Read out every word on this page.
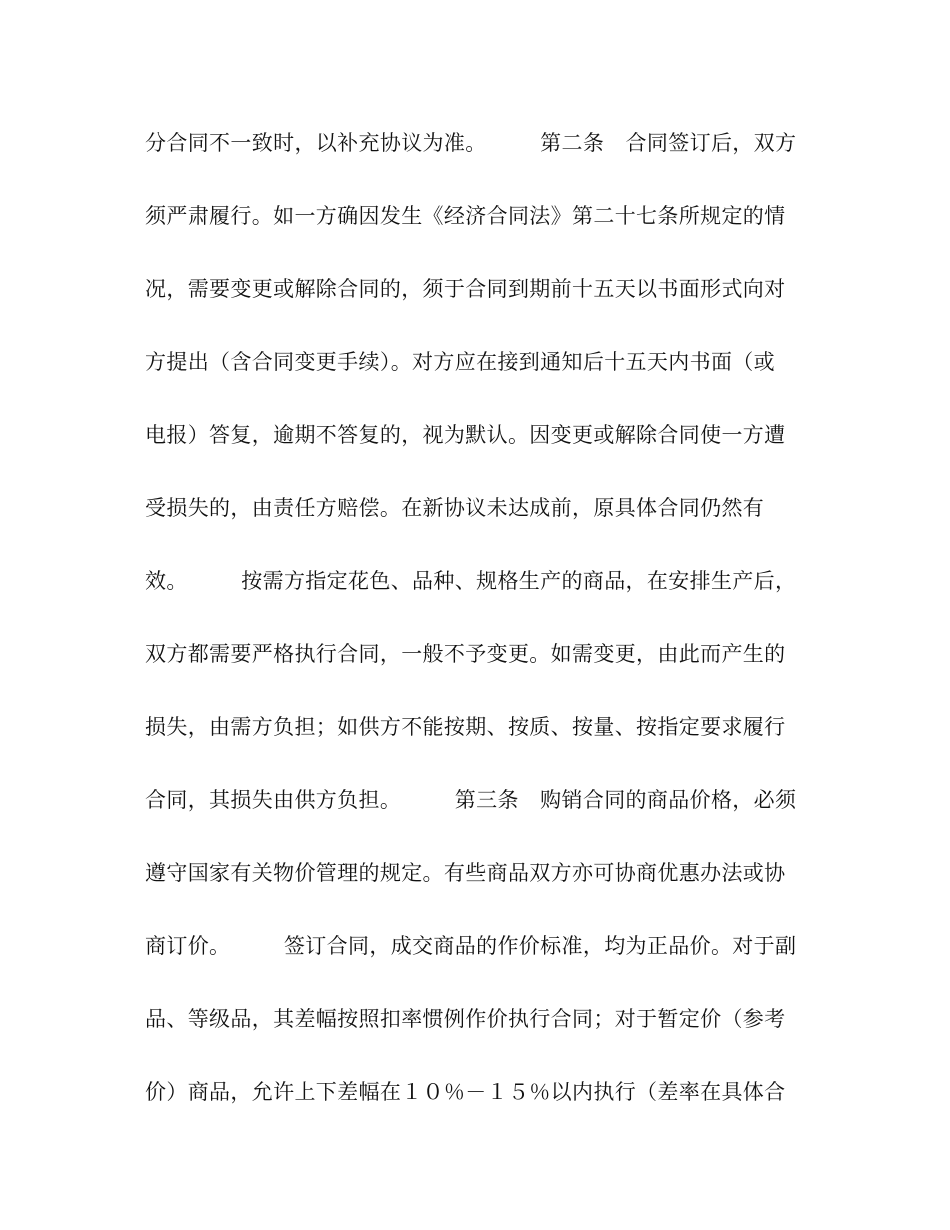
分合同不一致时，以补充协议为准。　　　第二条　合同签订后，双方
须严肃履行。如一方确因发生《经济合同法》第二十七条所规定的情
况，需要变更或解除合同的，须于合同到期前十五天以书面形式向对
方提出（含合同变更手续）。对方应在接到通知后十五天内书面（或
电报）答复，逾期不答复的，视为默认。因变更或解除合同使一方遭
受损失的，由责任方赔偿。在新协议未达成前，原具体合同仍然有
效。　　　按需方指定花色、品种、规格生产的商品，在安排生产后，
双方都需要严格执行合同，一般不予变更。如需变更，由此而产生的
损失，由需方负担；如供方不能按期、按质、按量、按指定要求履行
合同，其损失由供方负担。　　　第三条　购销合同的商品价格，必须
遵守国家有关物价管理的规定。有些商品双方亦可协商优惠办法或协
商订价。　　　签订合同，成交商品的作价标准，均为正品价。对于副
品、等级品，其差幅按照扣率惯例作价执行合同；对于暂定价（参考
价）商品，允许上下差幅在１０％－１５％以内执行（差率在具体合
